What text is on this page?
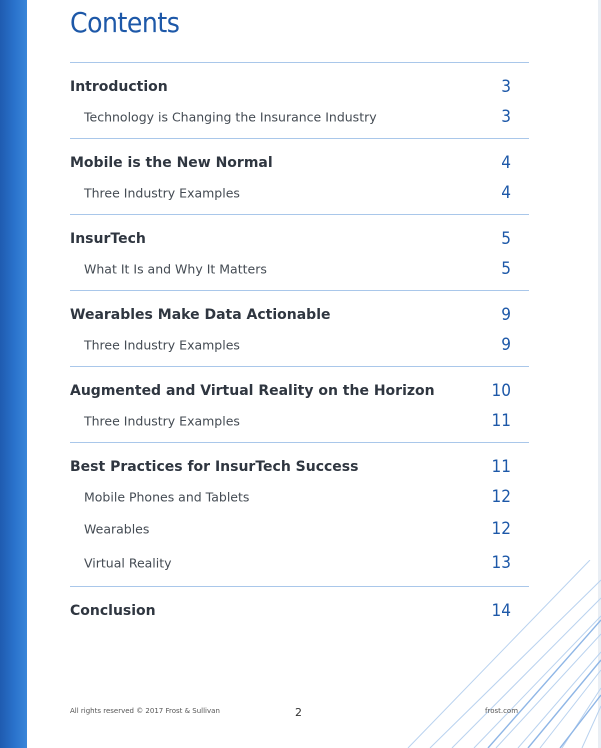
Contents
Introduction	3
Technology is Changing the Insurance Industry	3
Mobile is the New Normal	4
Three Industry Examples	4
InsurTech	5
What It Is and Why It Matters	5
Wearables Make Data Actionable	9
Three Industry Examples	9
Augmented and Virtual Reality on the Horizon	10
Three Industry Examples	11
Best Practices for InsurTech Success	11
Mobile Phones and Tablets	12
Wearables	12
Virtual Reality	13
Conclusion	14
All rights reserved © 2017 Frost & Sullivan	2	frost.com
